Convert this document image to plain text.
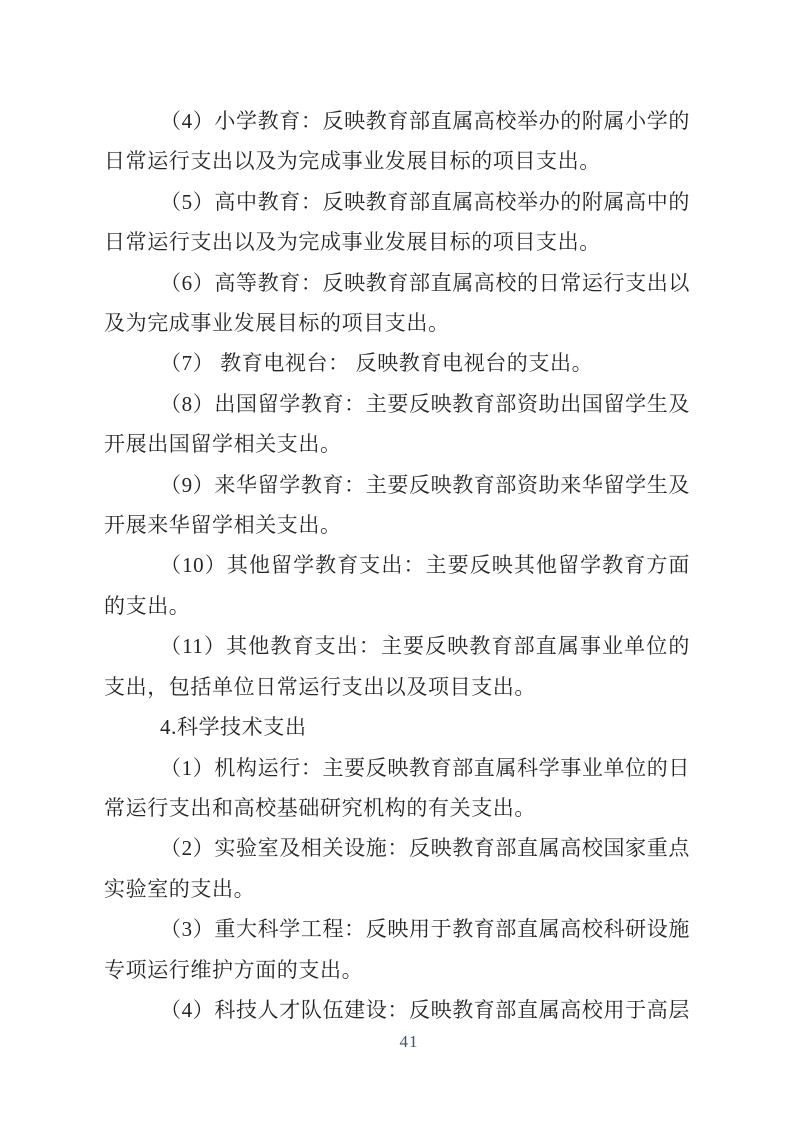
（4）小学教育：反映教育部直属高校举办的附属小学的
日常运行支出以及为完成事业发展目标的项目支出。
（5）高中教育：反映教育部直属高校举办的附属高中的
日常运行支出以及为完成事业发展目标的项目支出。
（6）高等教育：反映教育部直属高校的日常运行支出以
及为完成事业发展目标的项目支出。
（7） 教育电视台： 反映教育电视台的支出。
（8）出国留学教育：主要反映教育部资助出国留学生及
开展出国留学相关支出。
（9）来华留学教育：主要反映教育部资助来华留学生及
开展来华留学相关支出。
（10）其他留学教育支出：主要反映其他留学教育方面
的支出。
（11）其他教育支出：主要反映教育部直属事业单位的
支出，包括单位日常运行支出以及项目支出。
4.科学技术支出
（1）机构运行：主要反映教育部直属科学事业单位的日
常运行支出和高校基础研究机构的有关支出。
（2）实验室及相关设施：反映教育部直属高校国家重点
实验室的支出。
（3）重大科学工程：反映用于教育部直属高校科研设施
专项运行维护方面的支出。
（4）科技人才队伍建设：反映教育部直属高校用于高层
41
